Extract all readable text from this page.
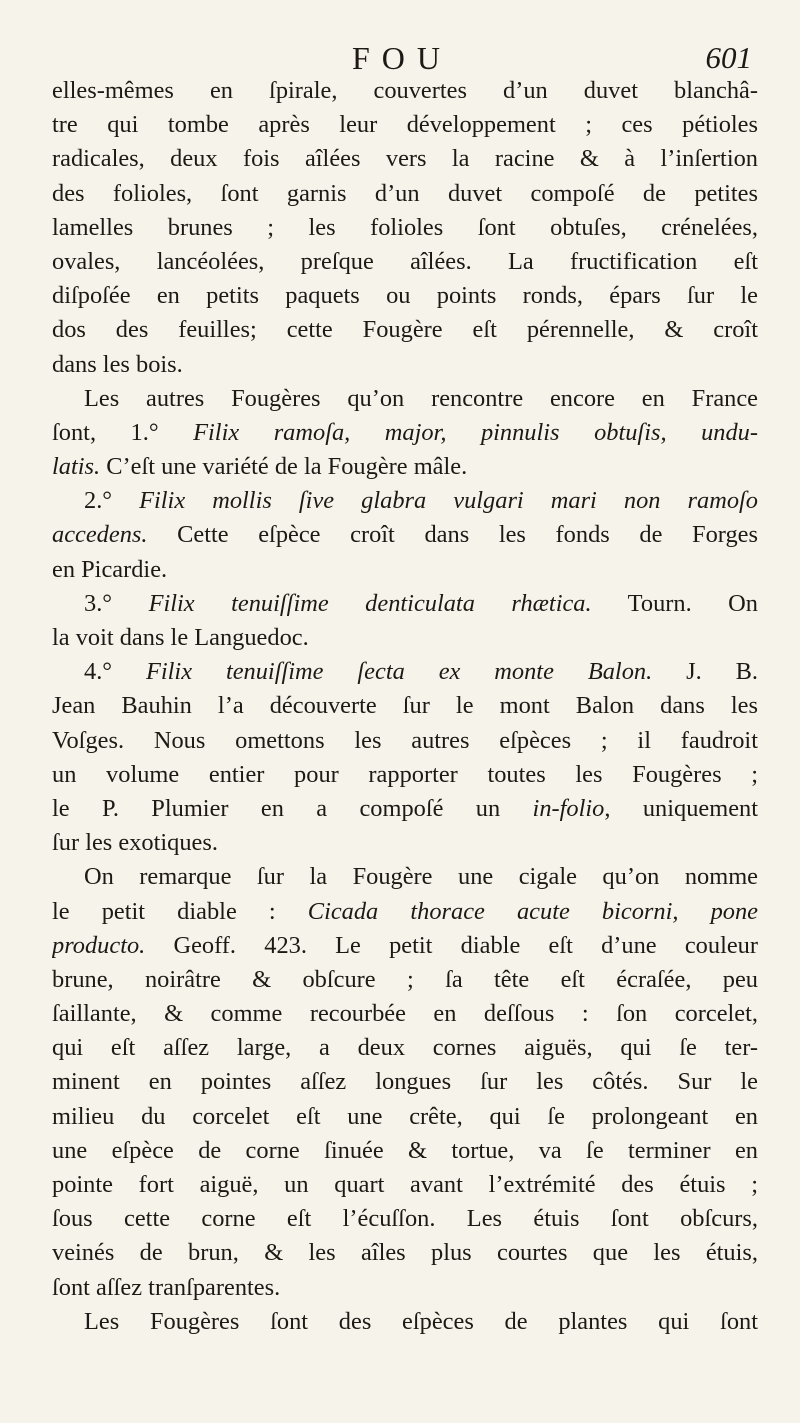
FOU	601
elles-mêmes en ſpirale, couvertes d’un duvet blanchâ-
tre qui tombe après leur développement ; ces pétioles
radicales, deux fois aîlées vers la racine & à l’inſertion
des folioles, ſont garnis d’un duvet compoſé de petites
lamelles brunes ; les folioles ſont obtuſes, crénelées,
ovales, lancéolées, preſque aîlées. La fructification eſt
diſpoſée en petits paquets ou points ronds, épars ſur le
dos des feuilles; cette Fougère eſt pérennelle, & croît
dans les bois.
Les autres Fougères qu’on rencontre encore en France
ſont, 1.° Filix ramoſa, major, pinnulis obtuſis, undu-
latis. C’eſt une variété de la Fougère mâle.
2.° Filix mollis ſive glabra vulgari mari non ramoſo
accedens. Cette eſpèce croît dans les fonds de Forges
en Picardie.
3.° Filix tenuiſſime denticulata rhætica. Tourn. On
la voit dans le Languedoc.
4.° Filix tenuiſſime ſecta ex monte Balon. J. B.
Jean Bauhin l’a découverte ſur le mont Balon dans les
Voſges. Nous omettons les autres eſpèces ; il faudroit
un volume entier pour rapporter toutes les Fougères ;
le P. Plumier en a compoſé un in-folio, uniquement
ſur les exotiques.
On remarque ſur la Fougère une cigale qu’on nomme
le petit diable : Cicada thorace acute bicorni, pone
producto. Geoff. 423. Le petit diable eſt d’une couleur
brune, noirâtre & obſcure ; ſa tête eſt écraſée, peu
ſaillante, & comme recourbée en deſſous : ſon corcelet,
qui eſt aſſez large, a deux cornes aiguës, qui ſe ter-
minent en pointes aſſez longues ſur les côtés. Sur le
milieu du corcelet eſt une crête, qui ſe prolongeant en
une eſpèce de corne ſinuée & tortue, va ſe terminer en
pointe fort aiguë, un quart avant l’extrémité des étuis ;
ſous cette corne eſt l’écuſſon. Les étuis ſont obſcurs,
veinés de brun, & les aîles plus courtes que les étuis,
ſont aſſez tranſparentes.
Les Fougères ſont des eſpèces de plantes qui ſont
